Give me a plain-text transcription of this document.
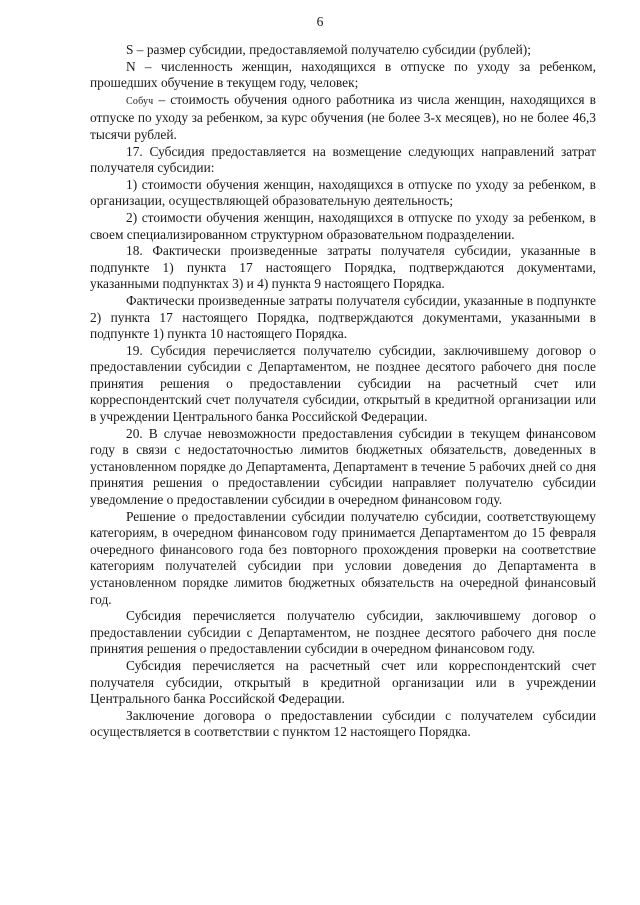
6

S – размер субсидии, предоставляемой получателю субсидии (рублей);

N – численность женщин, находящихся в отпуске по уходу за ребенком, прошедших обучение в текущем году, человек;

Собуч – стоимость обучения одного работника из числа женщин, находящихся в отпуске по уходу за ребенком, за курс обучения (не более 3-х месяцев), но не более 46,3 тысячи рублей.

17. Субсидия предоставляется на возмещение следующих направлений затрат получателя субсидии:

1) стоимости обучения женщин, находящихся в отпуске по уходу за ребенком, в организации, осуществляющей образовательную деятельность;

2) стоимости обучения женщин, находящихся в отпуске по уходу за ребенком, в своем специализированном структурном образовательном подразделении.

18. Фактически произведенные затраты получателя субсидии, указанные в подпункте 1) пункта 17 настоящего Порядка, подтверждаются документами, указанными подпунктах 3) и 4) пункта 9 настоящего Порядка.

Фактически произведенные затраты получателя субсидии, указанные в подпункте 2) пункта 17 настоящего Порядка, подтверждаются документами, указанными в подпункте 1) пункта 10 настоящего Порядка.

19. Субсидия перечисляется получателю субсидии, заключившему договор о предоставлении субсидии с Департаментом, не позднее десятого рабочего дня после принятия решения о предоставлении субсидии на расчетный счет или корреспондентский счет получателя субсидии, открытый в кредитной организации или в учреждении Центрального банка Российской Федерации.

20. В случае невозможности предоставления субсидии в текущем финансовом году в связи с недостаточностью лимитов бюджетных обязательств, доведенных в установленном порядке до Департамента, Департамент в течение 5 рабочих дней со дня принятия решения о предоставлении субсидии направляет получателю субсидии уведомление о предоставлении субсидии в очередном финансовом году.

Решение о предоставлении субсидии получателю субсидии, соответствующему категориям, в очередном финансовом году принимается Департаментом до 15 февраля очередного финансового года без повторного прохождения проверки на соответствие категориям получателей субсидии при условии доведения до Департамента в установленном порядке лимитов бюджетных обязательств на очередной финансовый год.

Субсидия перечисляется получателю субсидии, заключившему договор о предоставлении субсидии с Департаментом, не позднее десятого рабочего дня после принятия решения о предоставлении субсидии в очередном финансовом году.

Субсидия перечисляется на расчетный счет или корреспондентский счет получателя субсидии, открытый в кредитной организации или в учреждении Центрального банка Российской Федерации.

Заключение договора о предоставлении субсидии с получателем субсидии осуществляется в соответствии с пунктом 12 настоящего Порядка.
